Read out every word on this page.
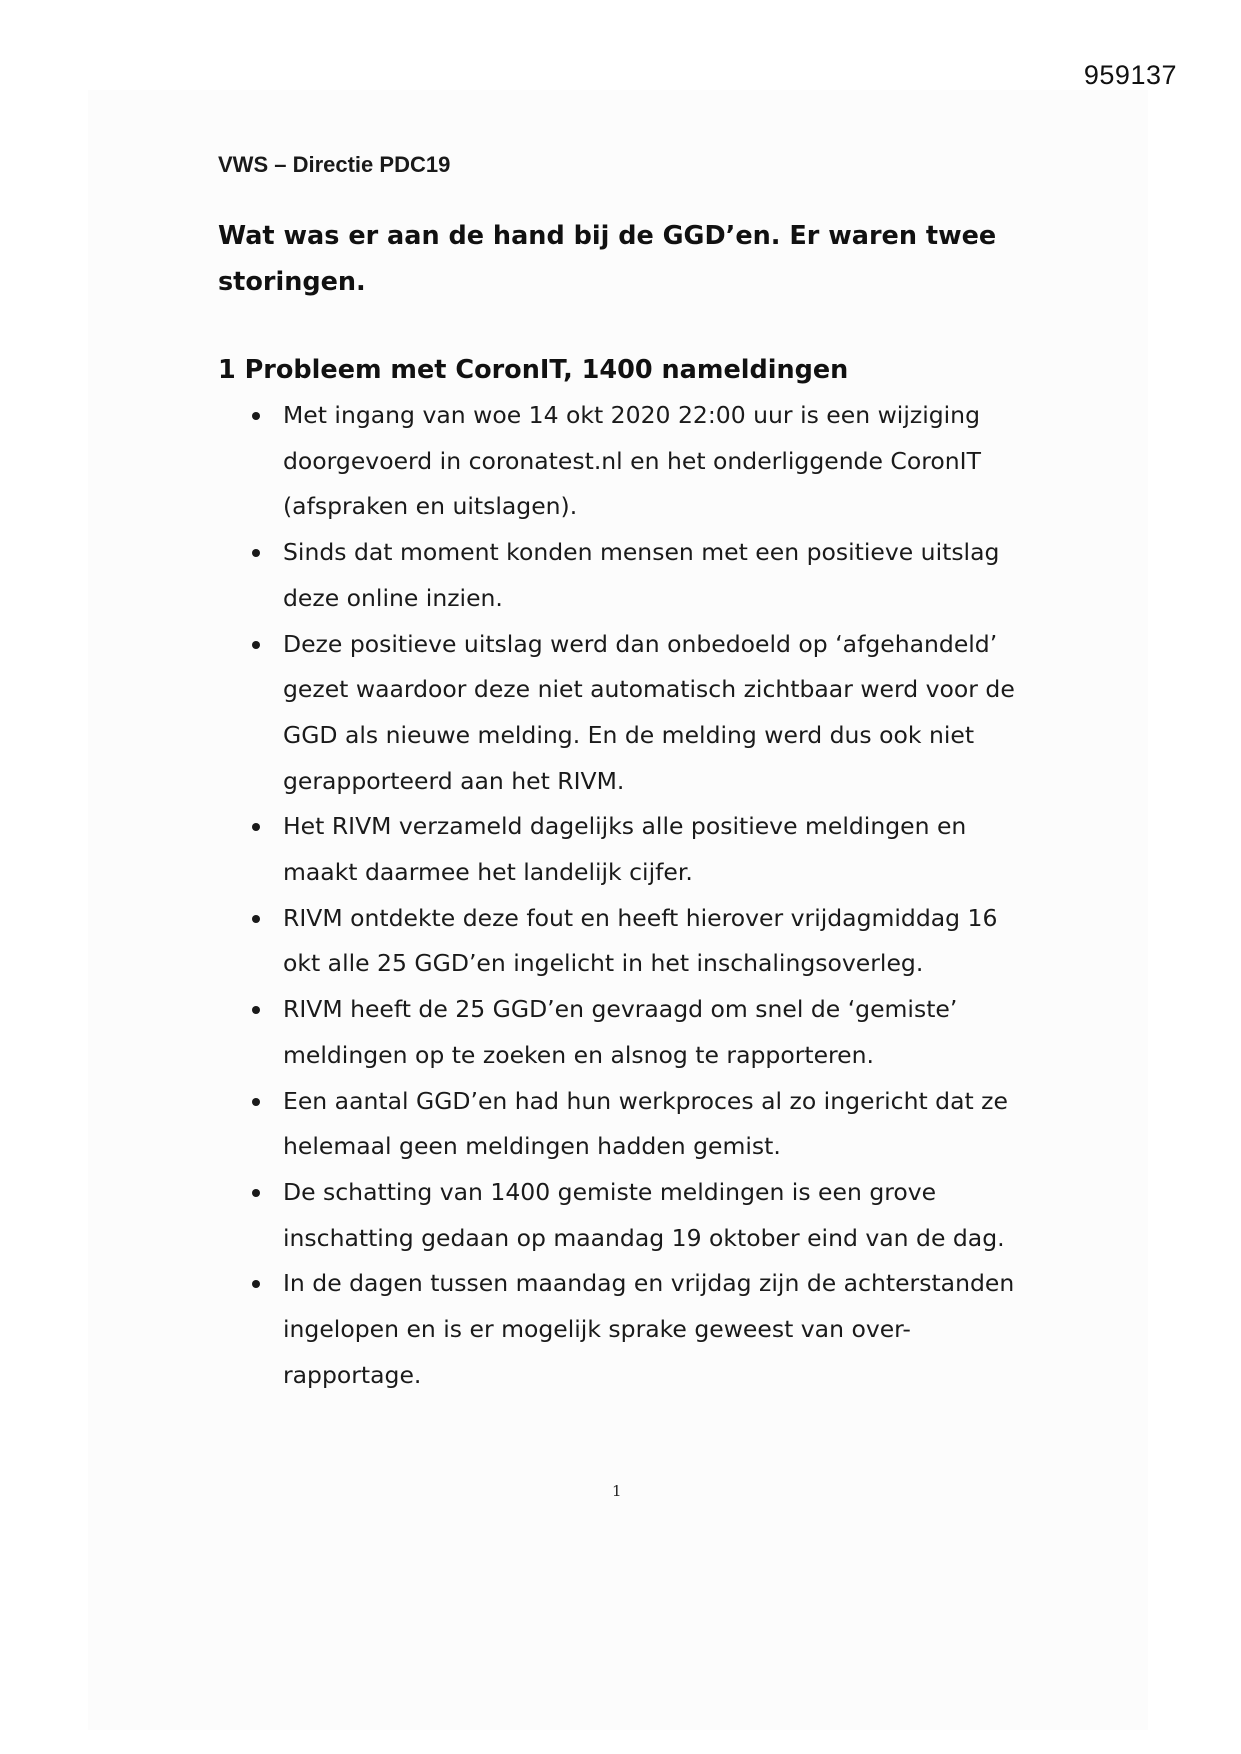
959137
VWS – Directie PDC19
Wat was er aan de hand bij de GGD’en. Er waren twee storingen.
1 Probleem met CoronIT, 1400 nameldingen
Met ingang van woe 14 okt 2020 22:00 uur is een wijziging doorgevoerd in coronatest.nl en het onderliggende CoronIT (afspraken en uitslagen).
Sinds dat moment konden mensen met een positieve uitslag deze online inzien.
Deze positieve uitslag werd dan onbedoeld op ‘afgehandeld’ gezet waardoor deze niet automatisch zichtbaar werd voor de GGD als nieuwe melding. En de melding werd dus ook niet gerapporteerd aan het RIVM.
Het RIVM verzameld dagelijks alle positieve meldingen en maakt daarmee het landelijk cijfer.
RIVM ontdekte deze fout en heeft hierover vrijdagmiddag 16 okt alle 25 GGD’en ingelicht in het inschalingsoverleg.
RIVM heeft de 25 GGD’en gevraagd om snel de ‘gemiste’ meldingen op te zoeken en alsnog te rapporteren.
Een aantal GGD’en had hun werkproces al zo ingericht dat ze helemaal geen meldingen hadden gemist.
De schatting van 1400 gemiste meldingen is een grove inschatting gedaan op maandag 19 oktober eind van de dag.
In de dagen tussen maandag en vrijdag zijn de achterstanden ingelopen en is er mogelijk sprake geweest van over-rapportage.
1
